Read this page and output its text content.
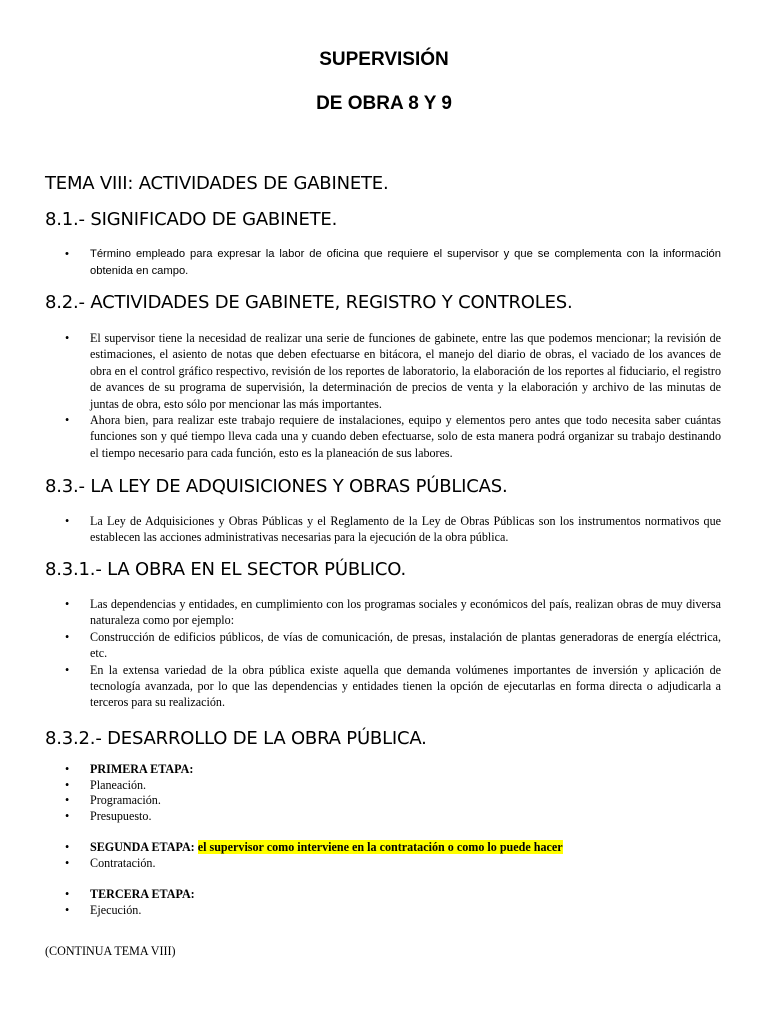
SUPERVISIÓN
DE OBRA 8 Y 9
TEMA VIII: ACTIVIDADES DE GABINETE.
8.1.- SIGNIFICADO DE GABINETE.
• Término empleado para expresar la labor de oficina que requiere el supervisor y que se complementa con la información obtenida en campo.
8.2.- ACTIVIDADES DE GABINETE, REGISTRO Y CONTROLES.
• El supervisor tiene la necesidad de realizar una serie de funciones de gabinete, entre las que podemos mencionar; la revisión de estimaciones, el asiento de notas que deben efectuarse en bitácora, el manejo del diario de obras, el vaciado de los avances de obra en el control gráfico respectivo, revisión de los reportes de laboratorio, la elaboración de los reportes al fiduciario, el registro de avances de su programa de supervisión, la determinación de precios de venta y la elaboración y archivo de las minutas de juntas de obra, esto sólo por mencionar las más importantes.
• Ahora bien, para realizar este trabajo requiere de instalaciones, equipo y elementos pero antes que todo necesita saber cuántas funciones son y qué tiempo lleva cada una y cuando deben efectuarse, solo de esta manera podrá organizar su trabajo destinando el tiempo necesario para cada función, esto es la planeación de sus labores.
8.3.- LA LEY DE ADQUISICIONES Y OBRAS PÚBLICAS.
• La Ley de Adquisiciones y Obras Públicas y el Reglamento de la Ley de Obras Públicas son los instrumentos normativos que establecen las acciones administrativas necesarias para la ejecución de la obra pública.
8.3.1.- LA OBRA EN EL SECTOR PÚBLICO.
• Las dependencias y entidades, en cumplimiento con los programas sociales y económicos del país, realizan obras de muy diversa naturaleza como por ejemplo:
• Construcción de edificios públicos, de vías de comunicación, de presas, instalación de plantas generadoras de energía eléctrica, etc.
• En la extensa variedad de la obra pública existe aquella que demanda volúmenes importantes de inversión y aplicación de tecnología avanzada, por lo que las dependencias y entidades tienen la opción de ejecutarlas en forma directa o adjudicarla a terceros para su realización.
8.3.2.- DESARROLLO DE LA OBRA PÚBLICA.
• PRIMERA ETAPA:
• Planeación.
• Programación.
• Presupuesto.
• SEGUNDA ETAPA: el supervisor como interviene en la contratación o como lo puede hacer
• Contratación.
• TERCERA ETAPA:
• Ejecución.
(CONTINUA TEMA VIII)
